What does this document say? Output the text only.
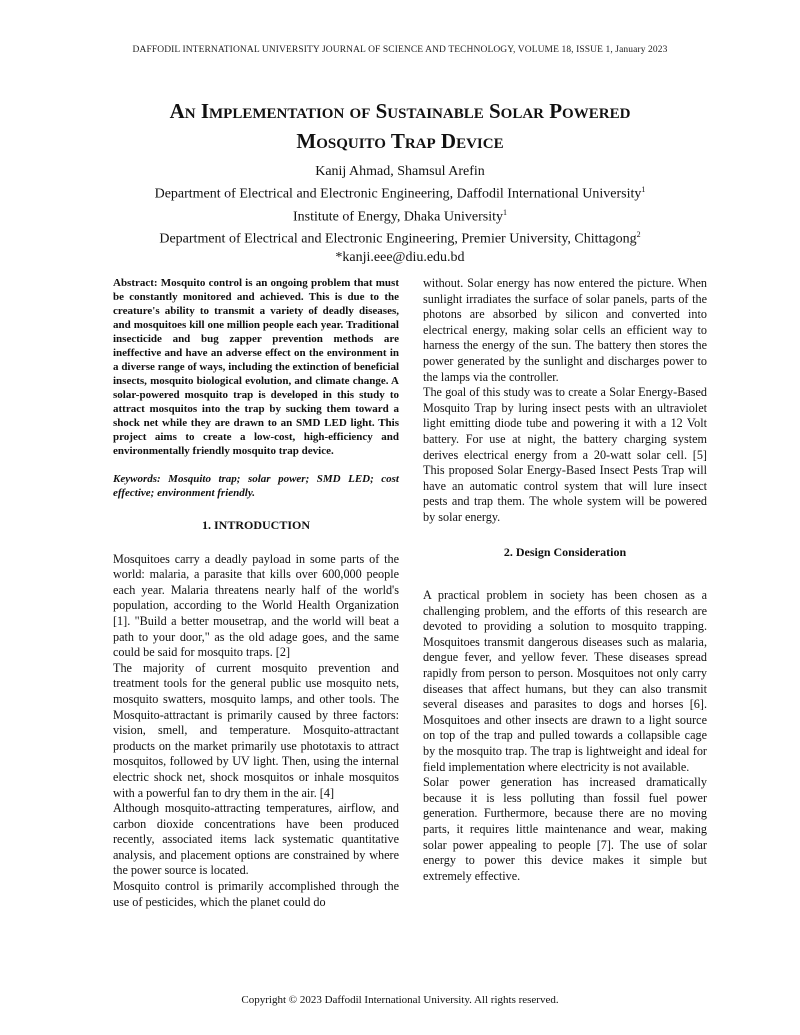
DAFFODIL INTERNATIONAL UNIVERSITY JOURNAL OF SCIENCE AND TECHNOLOGY, VOLUME 18, ISSUE 1, January 2023
An Implementation of Sustainable Solar Powered
Mosquito Trap Device
Kanij Ahmad, Shamsul Arefin
Department of Electrical and Electronic Engineering, Daffodil International University$^1$
Institute of Energy, Dhaka University$^1$
Department of Electrical and Electronic Engineering, Premier University, Chittagong$^2$
*kanji.eee@diu.edu.bd

Abstract: Mosquito control is an ongoing problem that must be constantly monitored and achieved. This is due to the creature's ability to transmit a variety of deadly diseases, and mosquitoes kill one million people each year. Traditional insecticide and bug zapper prevention methods are ineffective and have an adverse effect on the environment in a diverse range of ways, including the extinction of beneficial insects, mosquito biological evolution, and climate change. A solar-powered mosquito trap is developed in this study to attract mosquitos into the trap by sucking them toward a shock net while they are drawn to an SMD LED light. This project aims to create a low-cost, high-efficiency and environmentally friendly mosquito trap device.

Keywords: Mosquito trap; solar power; SMD LED; cost effective; environment friendly.

1. INTRODUCTION

Mosquitoes carry a deadly payload in some parts of the world: malaria, a parasite that kills over 600,000 people each year. Malaria threatens nearly half of the world's population, according to the World Health Organization [1]. "Build a better mousetrap, and the world will beat a path to your door," as the old adage goes, and the same could be said for mosquito traps. [2]

The majority of current mosquito prevention and treatment tools for the general public use mosquito nets, mosquito swatters, mosquito lamps, and other tools. The Mosquito-attractant is primarily caused by three factors: vision, smell, and temperature. Mosquito-attractant products on the market primarily use phototaxis to attract mosquitos, followed by UV light. Then, using the internal electric shock net, shock mosquitos or inhale mosquitos with a powerful fan to dry them in the air. [4]

Although mosquito-attracting temperatures, airflow, and carbon dioxide concentrations have been produced recently, associated items lack systematic quantitative analysis, and placement options are constrained by where the power source is located.

Mosquito control is primarily accomplished through the use of pesticides, which the planet could do

without. Solar energy has now entered the picture. When sunlight irradiates the surface of solar panels, parts of the photons are absorbed by silicon and converted into electrical energy, making solar cells an efficient way to harness the energy of the sun. The battery then stores the power generated by the sunlight and discharges power to the lamps via the controller.

The goal of this study was to create a Solar Energy-Based Mosquito Trap by luring insect pests with an ultraviolet light emitting diode tube and powering it with a 12 Volt battery. For use at night, the battery charging system derives electrical energy from a 20-watt solar cell. [5] This proposed Solar Energy-Based Insect Pests Trap will have an automatic control system that will lure insect pests and trap them. The whole system will be powered by solar energy.

2. Design Consideration

A practical problem in society has been chosen as a challenging problem, and the efforts of this research are devoted to providing a solution to mosquito trapping. Mosquitoes transmit dangerous diseases such as malaria, dengue fever, and yellow fever. These diseases spread rapidly from person to person. Mosquitoes not only carry diseases that affect humans, but they can also transmit several diseases and parasites to dogs and horses [6]. Mosquitoes and other insects are drawn to a light source on top of the trap and pulled towards a collapsible cage by the mosquito trap. The trap is lightweight and ideal for field implementation where electricity is not available.

Solar power generation has increased dramatically because it is less polluting than fossil fuel power generation. Furthermore, because there are no moving parts, it requires little maintenance and wear, making solar power appealing to people [7]. The use of solar energy to power this device makes it simple but extremely effective.

Copyright © 2023 Daffodil International University. All rights reserved.
